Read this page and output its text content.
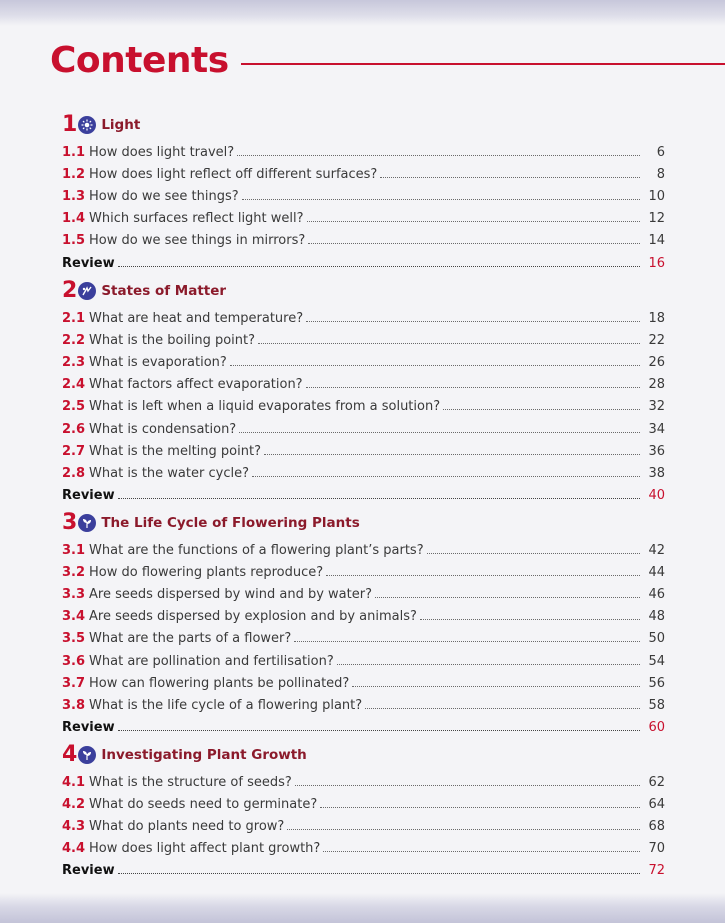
Contents
1 Light
1.1 How does light travel?	6
1.2 How does light reflect off different surfaces?	8
1.3 How do we see things?	10
1.4 Which surfaces reflect light well?	12
1.5 How do we see things in mirrors?	14
Review	16
2 States of Matter
2.1 What are heat and temperature?	18
2.2 What is the boiling point?	22
2.3 What is evaporation?	26
2.4 What factors affect evaporation?	28
2.5 What is left when a liquid evaporates from a solution?	32
2.6 What is condensation?	34
2.7 What is the melting point?	36
2.8 What is the water cycle?	38
Review	40
3 The Life Cycle of Flowering Plants
3.1 What are the functions of a flowering plant’s parts?	42
3.2 How do flowering plants reproduce?	44
3.3 Are seeds dispersed by wind and by water?	46
3.4 Are seeds dispersed by explosion and by animals?	48
3.5 What are the parts of a flower?	50
3.6 What are pollination and fertilisation?	54
3.7 How can flowering plants be pollinated?	56
3.8 What is the life cycle of a flowering plant?	58
Review	60
4 Investigating Plant Growth
4.1 What is the structure of seeds?	62
4.2 What do seeds need to germinate?	64
4.3 What do plants need to grow?	68
4.4 How does light affect plant growth?	70
Review	72
